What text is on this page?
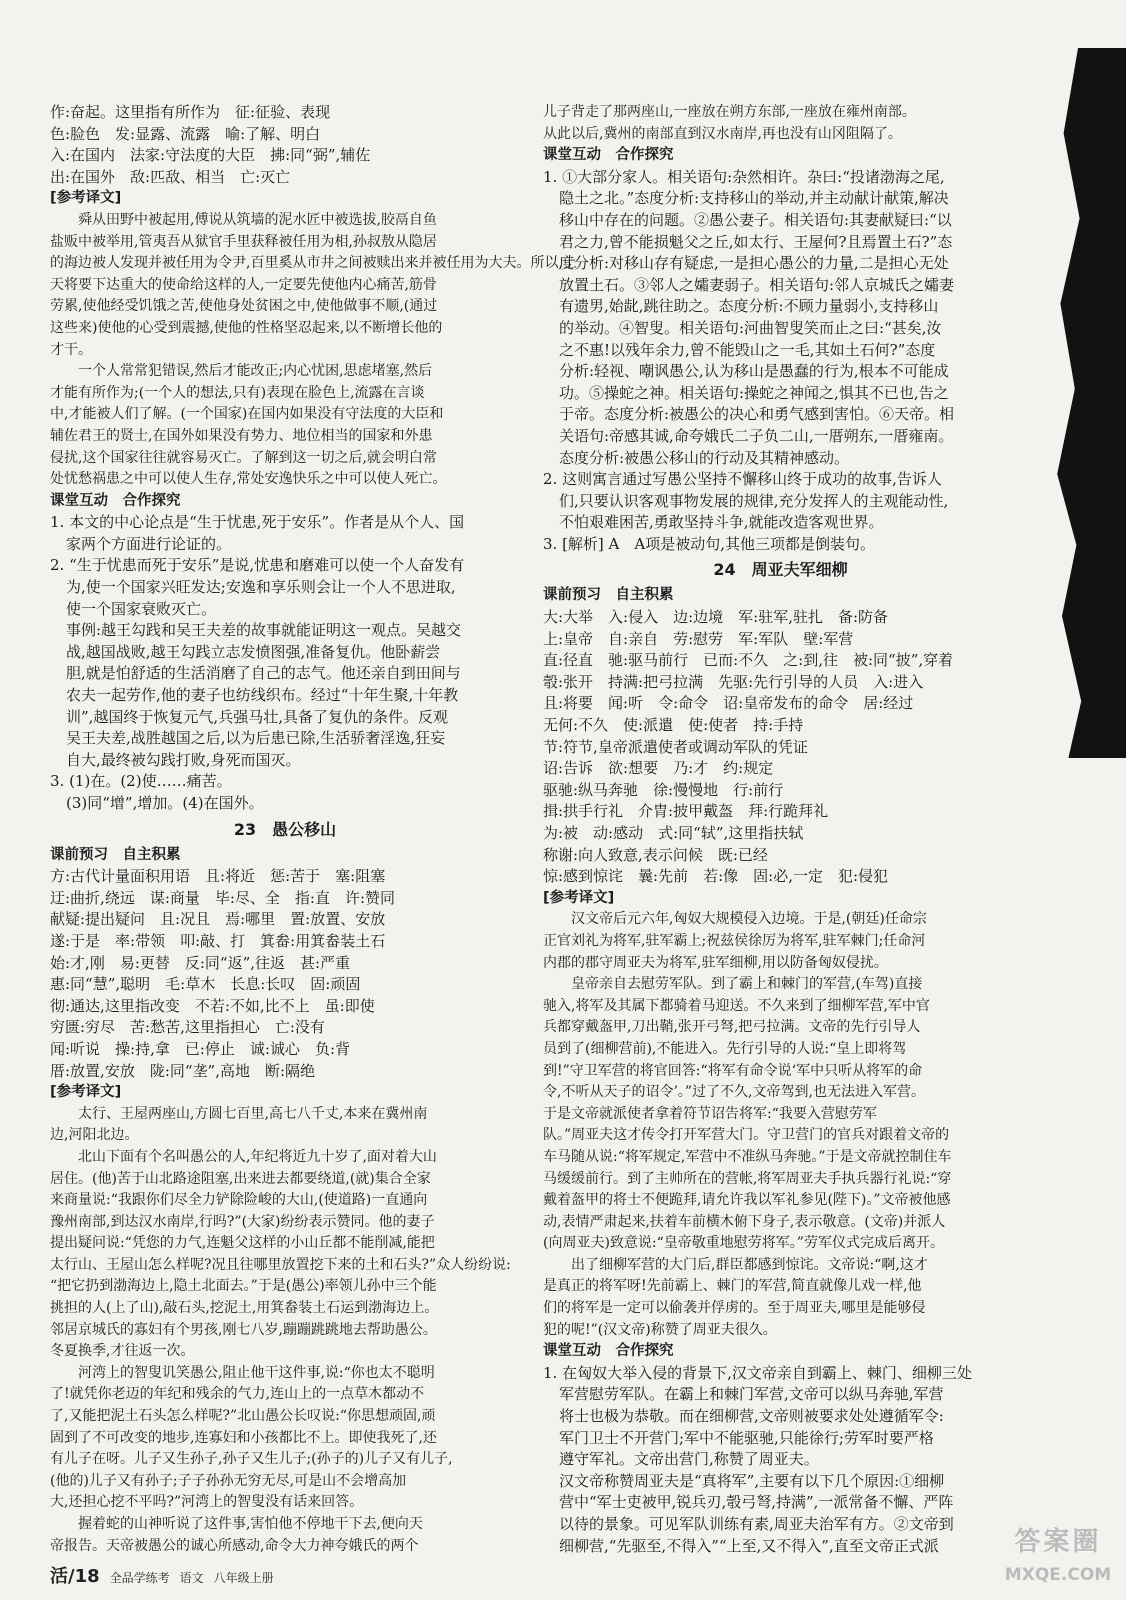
作:奋起。这里指有所作为　征:征验、表现
色:脸色　发:显露、流露　喻:了解、明白
入:在国内　法家:守法度的大臣　拂:同“弼”,辅佐
出:在国外　敌:匹敌、相当　亡:灭亡
[参考译文]
　　舜从田野中被起用,傅说从筑墙的泥水匠中被选拔,胶鬲自鱼
盐贩中被举用,管夷吾从狱官手里获释被任用为相,孙叔敖从隐居
的海边被人发现并被任用为令尹,百里奚从市井之间被赎出来并被任用为大夫。所以,上
天将要下达重大的使命给这样的人,一定要先使他内心痛苦,筋骨
劳累,使他经受饥饿之苦,使他身处贫困之中,使他做事不顺,(通过
这些来)使他的心受到震撼,使他的性格坚忍起来,以不断增长他的
才干。
　　一个人常常犯错误,然后才能改正;内心忧困,思虑堵塞,然后
才能有所作为;(一个人的想法,只有)表现在脸色上,流露在言谈
中,才能被人们了解。(一个国家)在国内如果没有守法度的大臣和
辅佐君王的贤士,在国外如果没有势力、地位相当的国家和外患
侵扰,这个国家往往就容易灭亡。了解到这一切之后,就会明白常
处忧愁祸患之中可以使人生存,常处安逸快乐之中可以使人死亡。
课堂互动　合作探究
1. 本文的中心论点是“生于忧患,死于安乐”。作者是从个人、国
家两个方面进行论证的。
2. “生于忧患而死于安乐”是说,忧患和磨难可以使一个人奋发有
为,使一个国家兴旺发达;安逸和享乐则会让一个人不思进取,
使一个国家衰败灭亡。
事例:越王勾践和吴王夫差的故事就能证明这一观点。吴越交
战,越国战败,越王勾践立志发愤图强,准备复仇。他卧薪尝
胆,就是怕舒适的生活消磨了自己的志气。他还亲自到田间与
农夫一起劳作,他的妻子也纺线织布。经过“十年生聚,十年教
训”,越国终于恢复元气,兵强马壮,具备了复仇的条件。反观
吴王夫差,战胜越国之后,以为后患已除,生活骄奢淫逸,狂妄
自大,最终被勾践打败,身死而国灭。
3. (1)在。(2)使……痛苦。
(3)同“增”,增加。(4)在国外。
23　愚公移山
课前预习　自主积累
方:古代计量面积用语　且:将近　惩:苦于　塞:阻塞
迂:曲折,绕远　谋:商量　毕:尽、全　指:直　许:赞同
献疑:提出疑问　且:况且　焉:哪里　置:放置、安放
遂:于是　率:带领　叩:敲、打　箕畚:用箕畚装土石
始:才,刚　易:更替　反:同“返”,往返　甚:严重
惠:同“慧”,聪明　毛:草木　长息:长叹　固:顽固
彻:通达,这里指改变　不若:不如,比不上　虽:即使
穷匮:穷尽　苦:愁苦,这里指担心　亡:没有
闻:听说　操:持,拿　已:停止　诚:诚心　负:背
厝:放置,安放　陇:同“垄”,高地　断:隔绝
[参考译文]
　　太行、王屋两座山,方圆七百里,高七八千丈,本来在冀州南
边,河阳北边。
　　北山下面有个名叫愚公的人,年纪将近九十岁了,面对着大山
居住。(他)苦于山北路途阻塞,出来进去都要绕道,(就)集合全家
来商量说:“我跟你们尽全力铲除险峻的大山,(使道路)一直通向
豫州南部,到达汉水南岸,行吗?”(大家)纷纷表示赞同。他的妻子
提出疑问说:“凭您的力气,连魁父这样的小山丘都不能削减,能把
太行山、王屋山怎么样呢?况且往哪里放置挖下来的土和石头?”众人纷纷说:
“把它扔到渤海边上,隐土北面去。”于是(愚公)率领儿孙中三个能
挑担的人(上了山),敲石头,挖泥土,用箕畚装土石运到渤海边上。
邻居京城氏的寡妇有个男孩,刚七八岁,蹦蹦跳跳地去帮助愚公。
冬夏换季,才往返一次。
　　河湾上的智叟讥笑愚公,阻止他干这件事,说:“你也太不聪明
了!就凭你老迈的年纪和残余的气力,连山上的一点草木都动不
了,又能把泥土石头怎么样呢?”北山愚公长叹说:“你思想顽固,顽
固到了不可改变的地步,连寡妇和小孩都比不上。即使我死了,还
有儿子在呀。儿子又生孙子,孙子又生儿子;(孙子的)儿子又有儿子,
(他的)儿子又有孙子;子子孙孙无穷无尽,可是山不会增高加
大,还担心挖不平吗?”河湾上的智叟没有话来回答。
　　握着蛇的山神听说了这件事,害怕他不停地干下去,便向天
帝报告。天帝被愚公的诚心所感动,命令大力神夸娥氏的两个
儿子背走了那两座山,一座放在朔方东部,一座放在雍州南部。
从此以后,冀州的南部直到汉水南岸,再也没有山冈阻隔了。
课堂互动　合作探究
1. ①大部分家人。相关语句:杂然相许。杂曰:“投诸渤海之尾,
隐土之北。”态度分析:支持移山的举动,并主动献计献策,解决
移山中存在的问题。②愚公妻子。相关语句:其妻献疑曰:“以
君之力,曾不能损魁父之丘,如太行、王屋何?且焉置土石?”态
度分析:对移山存有疑虑,一是担心愚公的力量,二是担心无处
放置土石。③邻人之孀妻弱子。相关语句:邻人京城氏之孀妻
有遗男,始龀,跳往助之。态度分析:不顾力量弱小,支持移山
的举动。④智叟。相关语句:河曲智叟笑而止之曰:“甚矣,汝
之不惠!以残年余力,曾不能毁山之一毛,其如土石何?”态度
分析:轻视、嘲讽愚公,认为移山是愚蠢的行为,根本不可能成
功。⑤操蛇之神。相关语句:操蛇之神闻之,惧其不已也,告之
于帝。态度分析:被愚公的决心和勇气感到害怕。⑥天帝。相
关语句:帝感其诚,命夸娥氏二子负二山,一厝朔东,一厝雍南。
态度分析:被愚公移山的行动及其精神感动。
2. 这则寓言通过写愚公坚持不懈移山终于成功的故事,告诉人
们,只要认识客观事物发展的规律,充分发挥人的主观能动性,
不怕艰难困苦,勇敢坚持斗争,就能改造客观世界。
3. [解析] A　A项是被动句,其他三项都是倒装句。
24　周亚夫军细柳
课前预习　自主积累
大:大举　入:侵入　边:边境　军:驻军,驻扎　备:防备
上:皇帝　自:亲自　劳:慰劳　军:军队　壁:军营
直:径直　驰:驱马前行　已而:不久　之:到,往　被:同“披”,穿着
彀:张开　持满:把弓拉满　先驱:先行引导的人员　入:进入
且:将要　闻:听　令:命令　诏:皇帝发布的命令　居:经过
无何:不久　使:派遣　使:使者　持:手持
节:符节,皇帝派遣使者或调动军队的凭证
诏:告诉　欲:想要　乃:才　约:规定
驱驰:纵马奔驰　徐:慢慢地　行:前行
揖:拱手行礼　介胄:披甲戴盔　拜:行跪拜礼
为:被　动:感动　式:同“轼”,这里指扶轼
称谢:向人致意,表示问候　既:已经
惊:感到惊诧　曩:先前　若:像　固:必,一定　犯:侵犯
[参考译文]
　　汉文帝后元六年,匈奴大规模侵入边境。于是,(朝廷)任命宗
正官刘礼为将军,驻军霸上;祝兹侯徐厉为将军,驻军棘门;任命河
内郡的郡守周亚夫为将军,驻军细柳,用以防备匈奴侵扰。
　　皇帝亲自去慰劳军队。到了霸上和棘门的军营,(车驾)直接
驰入,将军及其属下都骑着马迎送。不久来到了细柳军营,军中官
兵都穿戴盔甲,刀出鞘,张开弓弩,把弓拉满。文帝的先行引导人
员到了(细柳营前),不能进入。先行引导的人说:“皇上即将驾
到!”守卫军营的将官回答:“将军有命令说‘军中只听从将军的命
令,不听从天子的诏令’。”过了不久,文帝驾到,也无法进入军营。
于是文帝就派使者拿着符节诏告将军:“我要入营慰劳军
队。”周亚夫这才传令打开军营大门。守卫营门的官兵对跟着文帝的
车马随从说:“将军规定,军营中不准纵马奔驰。”于是文帝就控制住车
马缓缓前行。到了主帅所在的营帐,将军周亚夫手执兵器行礼说:“穿
戴着盔甲的将士不便跪拜,请允许我以军礼参见(陛下)。”文帝被他感
动,表情严肃起来,扶着车前横木俯下身子,表示敬意。(文帝)并派人
(向周亚夫)致意说:“皇帝敬重地慰劳将军。”劳军仪式完成后离开。
　　出了细柳军营的大门后,群臣都感到惊诧。文帝说:“啊,这才
是真正的将军呀!先前霸上、棘门的军营,简直就像儿戏一样,他
们的将军是一定可以偷袭并俘虏的。至于周亚夫,哪里是能够侵
犯的呢!”(汉文帝)称赞了周亚夫很久。
课堂互动　合作探究
1. 在匈奴大举入侵的背景下,汉文帝亲自到霸上、棘门、细柳三处
军营慰劳军队。在霸上和棘门军营,文帝可以纵马奔驰,军营
将士也极为恭敬。而在细柳营,文帝则被要求处处遵循军令:
军门卫士不开营门;军中不能驱驰,只能徐行;劳军时要严格
遵守军礼。文帝出营门,称赞了周亚夫。
汉文帝称赞周亚夫是“真将军”,主要有以下几个原因:①细柳
营中“军士吏被甲,锐兵刃,彀弓弩,持满”,一派常备不懈、严阵
以待的景象。可见军队训练有素,周亚夫治军有方。②文帝到
细柳营,“先驱至,不得入”“上至,又不得入”,直至文帝正式派
活/18 全品学练考 语文 八年级上册
答案圈
MXQE.COM
